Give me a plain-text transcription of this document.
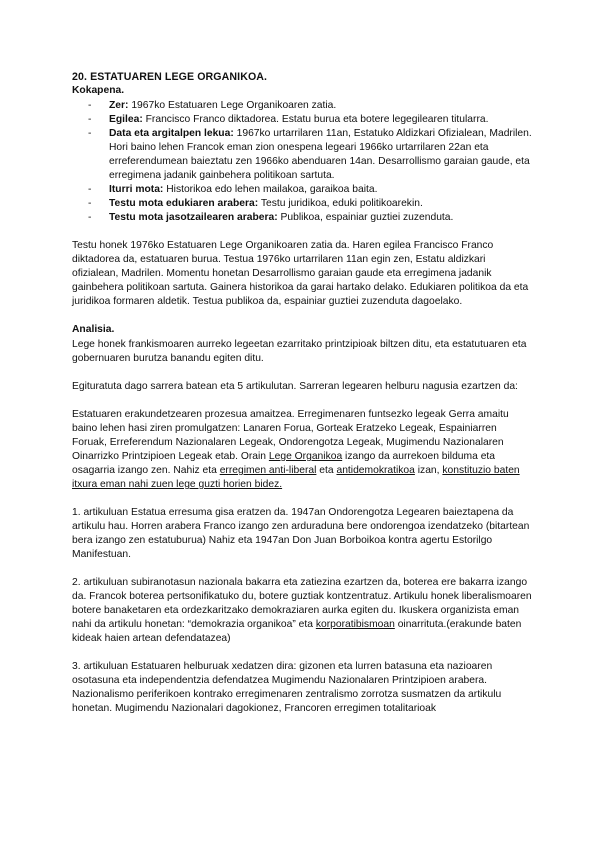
20. ESTATUAREN LEGE ORGANIKOA.

Kokapena.

- Zer: 1967ko Estatuaren Lege Organikoaren zatia.
- Egilea: Francisco Franco diktadorea. Estatu burua eta botere legegilearen titularra.
- Data eta argitalpen lekua: 1967ko urtarrilaren 11an, Estatuko Aldizkari Ofizialean, Madrilen. Hori baino lehen Francok eman zion onespena legeari 1966ko urtarrilaren 22an eta erreferendumean baieztatu zen 1966ko abenduaren 14an. Desarrollismo garaian gaude, eta erregimena jadanik gainbehera politikoan sartuta.
- Iturri mota: Historikoa edo lehen mailakoa, garaikoa baita.
- Testu mota edukiaren arabera: Testu juridikoa, eduki politikoarekin.
- Testu mota jasotzailearen arabera: Publikoa, espainiar guztiei zuzenduta.

Testu honek 1976ko Estatuaren Lege Organikoaren zatia da. Haren egilea Francisco Franco diktadorea da, estatuaren burua. Testua 1976ko urtarrilaren 11an egin zen, Estatu aldizkari ofizialean, Madrilen. Momentu honetan Desarrollismo garaian gaude eta erregimena jadanik gainbehera politikoan sartuta. Gainera historikoa da garai hartako delako. Edukiaren politikoa da eta juridikoa formaren aldetik. Testua publikoa da, espainiar guztiei zuzenduta dagoelako.

Analisia.

Lege honek frankismoaren aurreko legeetan ezarritako printzipioak biltzen ditu, eta estatutuaren eta gobernuaren burutza banandu egiten ditu.

Egituratuta dago sarrera batean eta 5 artikulutan. Sarreran legearen helburu nagusia ezartzen da:

Estatuaren erakundetzearen prozesua amaitzea. Erregimenaren funtsezko legeak Gerra amaitu baino lehen hasi ziren promulgatzen: Lanaren Forua, Gorteak Eratzeko Legeak, Espainiarren Foruak, Erreferendum Nazionalaren Legeak, Ondorengotza Legeak, Mugimendu Nazionalaren Oinarrizko Printzipioen Legeak etab. Orain Lege Organikoa izango da aurrekoen bilduma eta osagarria izango zen. Nahiz eta erregimen anti-liberal eta antidemokratikoa izan, konstituzio baten itxura eman nahi zuen lege guzti horien bidez.

1. artikuluan Estatua erresuma gisa eratzen da. 1947an Ondorengotza Legearen baieztapena da artikulu hau. Horren arabera Franco izango zen arduraduna bere ondorengoa izendatzeko (bitartean bera izango zen estatuburua) Nahiz eta 1947an Don Juan Borboikoa kontra agertu Estorilgo Manifestuan.

2. artikuluan subiranotasun nazionala bakarra eta zatiezina ezartzen da, boterea ere bakarra izango da. Francok boterea pertsonifikatuko du, botere guztiak kontzentratuz. Artikulu honek liberalismoaren botere banaketaren eta ordezkaritzako demokraziaren aurka egiten du. Ikuskera organizista eman nahi da artikulu honetan: “demokrazia organikoa” eta korporatibismoan oinarrituta.(erakunde baten kideak haien artean defendatazea)

3. artikuluan Estatuaren helburuak xedatzen dira: gizonen eta lurren batasuna eta nazioaren osotasuna eta independentzia defendatzea Mugimendu Nazionalaren Printzipioen arabera. Nazionalismo periferikoen kontrako erregimenaren zentralismo zorrotza susmatzen da artikulu honetan. Mugimendu Nazionalari dagokionez, Francoren erregimen totalitarioak
